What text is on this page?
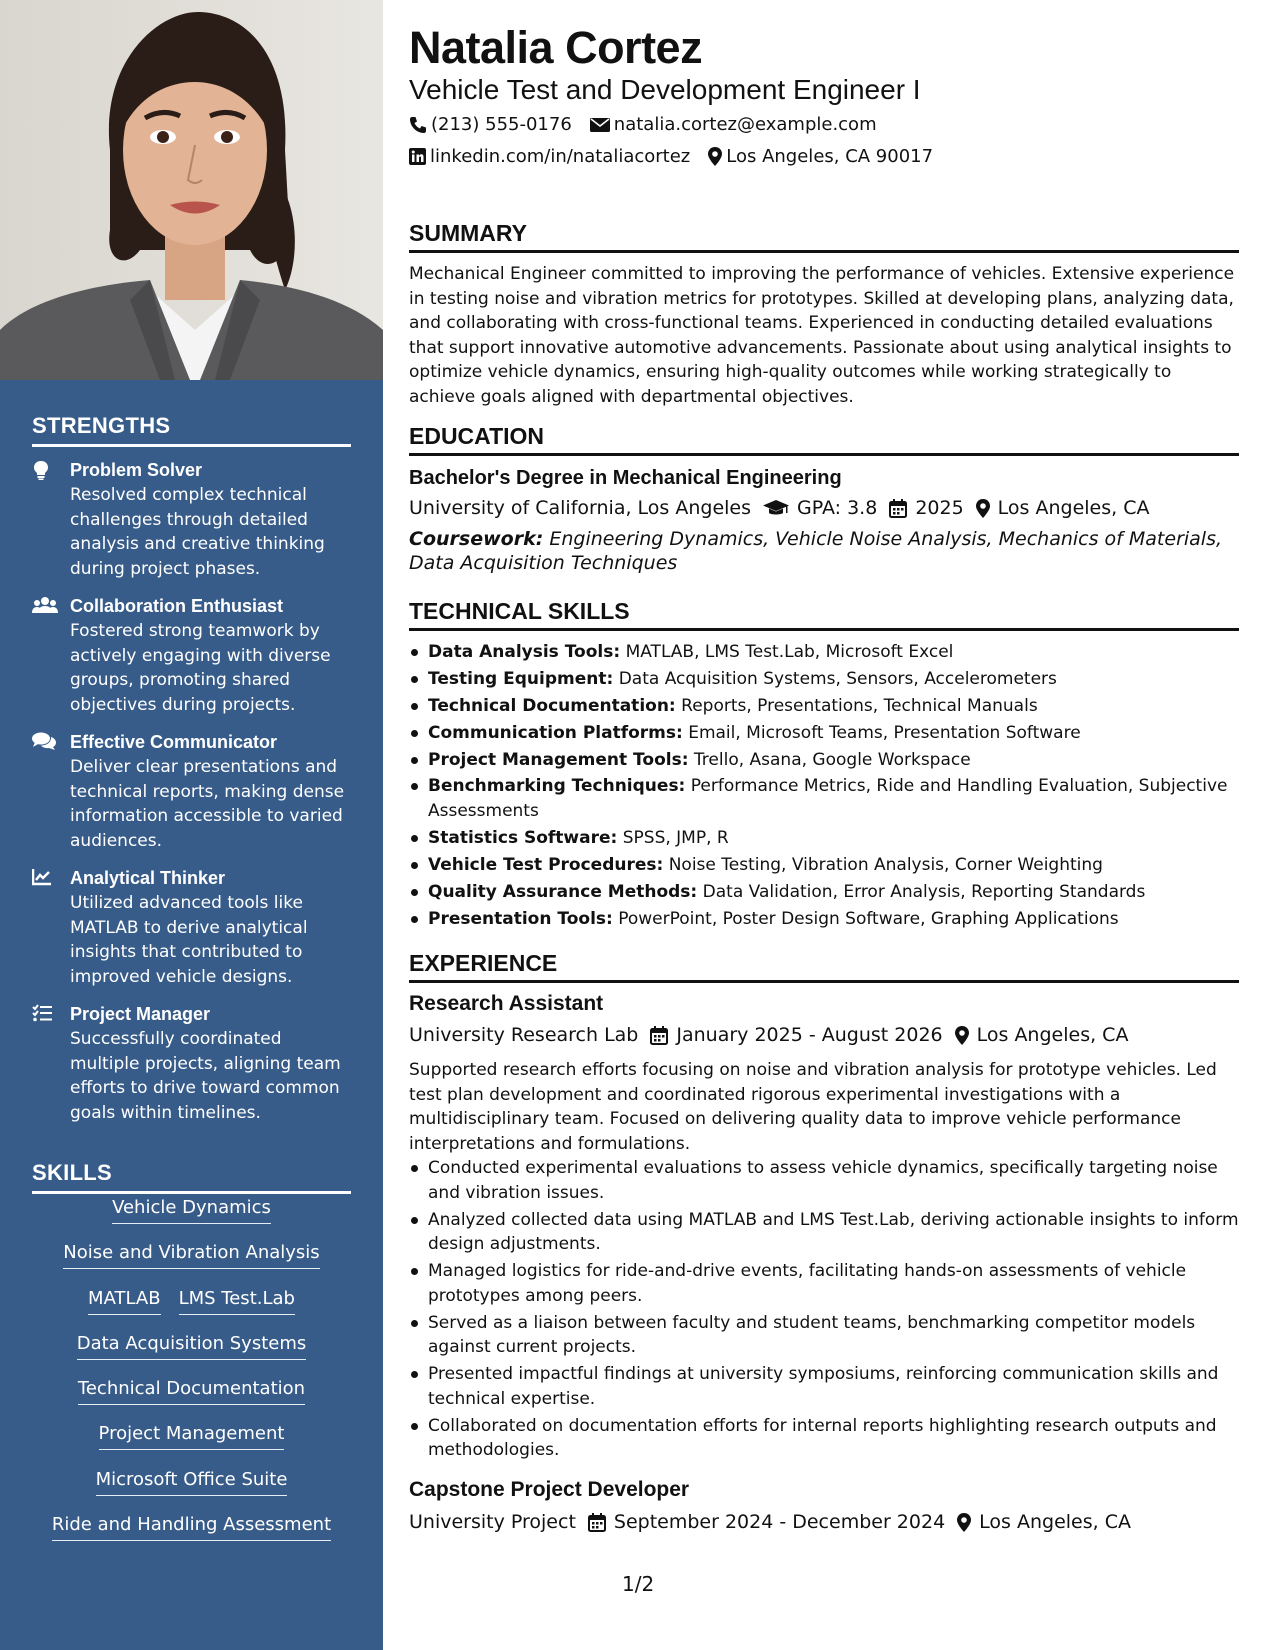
STRENGTHS
Problem Solver
Resolved complex technical challenges through detailed analysis and creative thinking during project phases.
Collaboration Enthusiast
Fostered strong teamwork by actively engaging with diverse groups, promoting shared objectives during projects.
Effective Communicator
Deliver clear presentations and technical reports, making dense information accessible to varied audiences.
Analytical Thinker
Utilized advanced tools like MATLAB to derive analytical insights that contributed to improved vehicle designs.
Project Manager
Successfully coordinated multiple projects, aligning team efforts to drive toward common goals within timelines.
SKILLS
Vehicle Dynamics
Noise and Vibration Analysis
MATLAB LMS Test.Lab
Data Acquisition Systems
Technical Documentation
Project Management
Microsoft Office Suite
Ride and Handling Assessment
Natalia Cortez
Vehicle Test and Development Engineer I
(213) 555-0176 natalia.cortez@example.com
linkedin.com/in/nataliacortez Los Angeles, CA 90017
SUMMARY
Mechanical Engineer committed to improving the performance of vehicles. Extensive experience in testing noise and vibration metrics for prototypes. Skilled at developing plans, analyzing data, and collaborating with cross-functional teams. Experienced in conducting detailed evaluations that support innovative automotive advancements. Passionate about using analytical insights to optimize vehicle dynamics, ensuring high-quality outcomes while working strategically to achieve goals aligned with departmental objectives.
EDUCATION
Bachelor's Degree in Mechanical Engineering
University of California, Los Angeles GPA: 3.8 2025 Los Angeles, CA
Coursework: Engineering Dynamics, Vehicle Noise Analysis, Mechanics of Materials, Data Acquisition Techniques
TECHNICAL SKILLS
Data Analysis Tools: MATLAB, LMS Test.Lab, Microsoft Excel
Testing Equipment: Data Acquisition Systems, Sensors, Accelerometers
Technical Documentation: Reports, Presentations, Technical Manuals
Communication Platforms: Email, Microsoft Teams, Presentation Software
Project Management Tools: Trello, Asana, Google Workspace
Benchmarking Techniques: Performance Metrics, Ride and Handling Evaluation, Subjective Assessments
Statistics Software: SPSS, JMP, R
Vehicle Test Procedures: Noise Testing, Vibration Analysis, Corner Weighting
Quality Assurance Methods: Data Validation, Error Analysis, Reporting Standards
Presentation Tools: PowerPoint, Poster Design Software, Graphing Applications
EXPERIENCE
Research Assistant
University Research Lab January 2025 - August 2026 Los Angeles, CA
Supported research efforts focusing on noise and vibration analysis for prototype vehicles. Led test plan development and coordinated rigorous experimental investigations with a multidisciplinary team. Focused on delivering quality data to improve vehicle performance interpretations and formulations.
Conducted experimental evaluations to assess vehicle dynamics, specifically targeting noise and vibration issues.
Analyzed collected data using MATLAB and LMS Test.Lab, deriving actionable insights to inform design adjustments.
Managed logistics for ride-and-drive events, facilitating hands-on assessments of vehicle prototypes among peers.
Served as a liaison between faculty and student teams, benchmarking competitor models against current projects.
Presented impactful findings at university symposiums, reinforcing communication skills and technical expertise.
Collaborated on documentation efforts for internal reports highlighting research outputs and methodologies.
Capstone Project Developer
University Project September 2024 - December 2024 Los Angeles, CA
1/2
